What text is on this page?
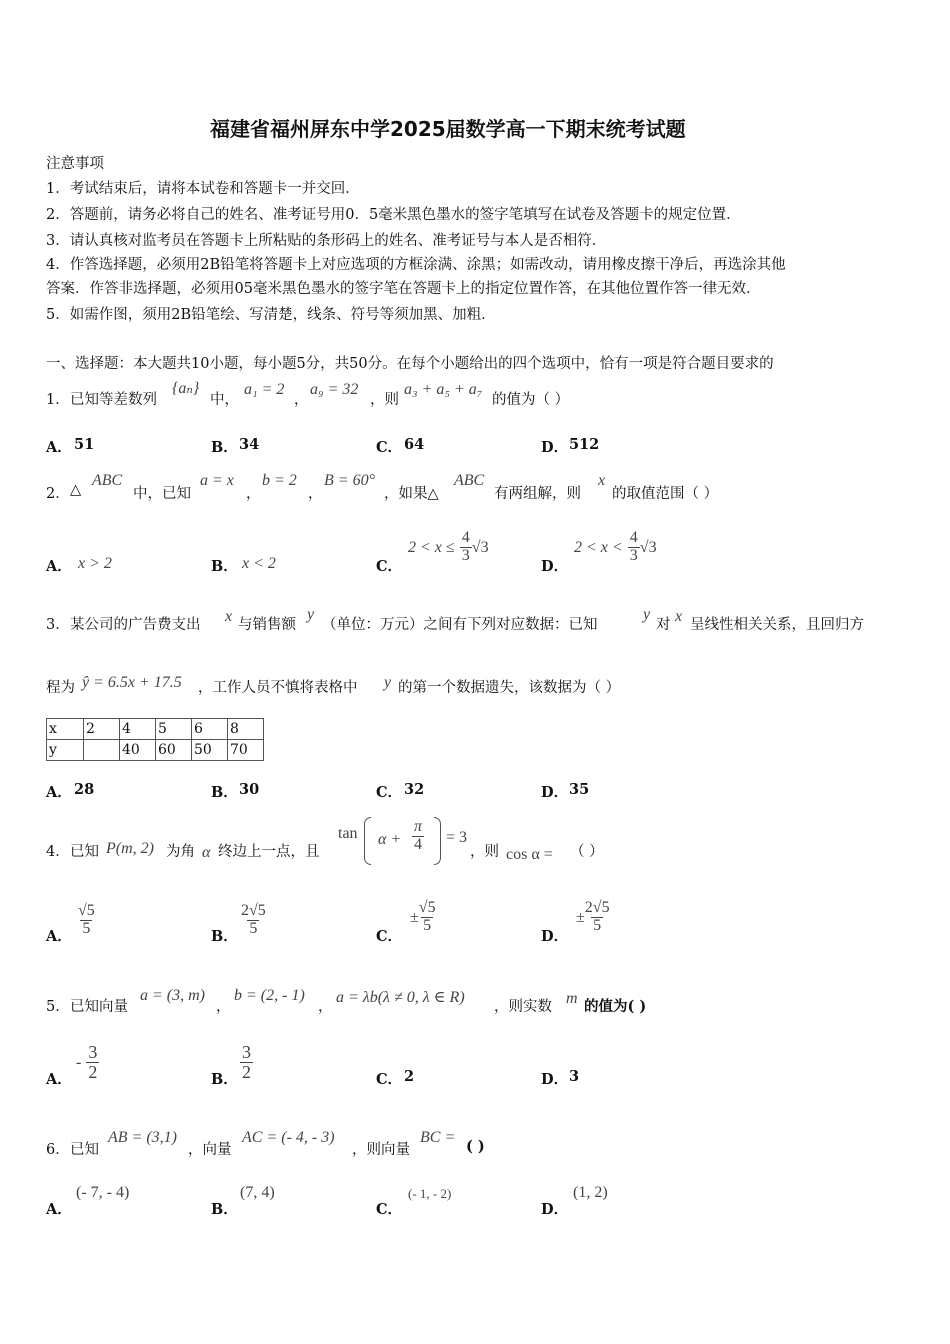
福建省福州屏东中学2025届数学高一下期末统考试题
注意事项
1．考试结束后，请将本试卷和答题卡一并交回．
2．答题前，请务必将自己的姓名、准考证号用0．5毫米黑色墨水的签字笔填写在试卷及答题卡的规定位置．
3．请认真核对监考员在答题卡上所粘贴的条形码上的姓名、准考证号与本人是否相符．
4．作答选择题，必须用2B铅笔将答题卡上对应选项的方框涂满、涂黑；如需改动，请用橡皮擦干净后，再选涂其他
答案．作答非选择题，必须用05毫米黑色墨水的签字笔在答题卡上的指定位置作答，在其他位置作答一律无效．
5．如需作图，须用2B铅笔绘、写清楚，线条、符号等须加黑、加粗．
一、选择题：本大题共10小题，每小题5分，共50分。在每个小题给出的四个选项中，恰有一项是符合题目要求的
1． 已知等差数列
{aₙ}
中，
a₁ = 2
，
a₉ = 32
，则
a₃ + a₅ + a₇
的值为（ ）
A． 51	B． 34	C． 64	D． 512
2． △
ABC
中，已知
a = x
，
b = 2
，
B = 60°
，如果△
ABC
有两组解，则
x
的取值范围（ ）
A． x > 2	B． x < 2	C．
$2 < x \le \frac{4}{3} √3$
D．
$2 < x < \frac{4}{3} √3$
3． 某公司的广告费支出 x 与销售额
y
（单位：万元）之间有下列对应数据：已知
y
对 x 呈线性相关关系，且回归方
程为 ŷ = 6.5x + 17.5 ，工作人员不慎将表格中 y 的第一个数据遗失，该数据为（ ）
x	2	4	5	6	8
y		40	60	50	70
A． 28	B． 30	C． 32	D． 35
4． 已知 P(m, 2) 为角 α 终边上一点，且
$\tan \alpha + \frac{\pi}{4} = 3$
，则 cos α = （ ）
A． $\frac{√5}{5}$	B． $\frac{2√5}{5}$	C．
± $\frac{√5}{5}$
D．
± $\frac{2√5}{5}$
5． 已知向量
a = (3, m)
，
b = (2, - 1)
，
a = λb(λ ≠ 0, λ ∈ R)
，则实数 m 的值为( )
A．
- $\frac{3}{2}$	B． $\frac{3}{2}$	C． 2	D． 3
6． 已知
AB = (3,1)
，向量
AC = (- 4, - 3)
，则向量
BC =
( )
A．
(- 7, - 4)
B．
(7, 4)
C．
(- 1, - 2)
D．
(1, 2)
